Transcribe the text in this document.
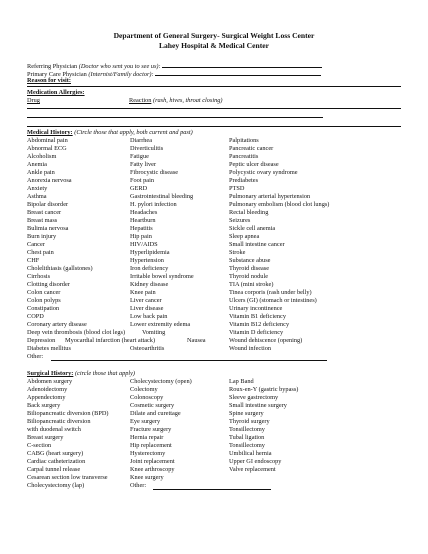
Department of General Surgery- Surgical Weight Loss Center
Lahey Hospital & Medical Center
Referring Physician (Doctor who sent you to see us):
Primary Care Physician (Internist/Family doctor):
Reason for visit:
Medication Allergies:
Drug	Reaction (rash, hives, throat closing)
Medical History: (Circle those that apply, both current and past)
Abdominal pain
Abnormal ECG
Alcoholism
Anemia
Ankle pain
Anorexia nervosa
Anxiety
Asthma
Bipolar disorder
Breast cancer
Breast mass
Bulimia nervosa
Burn injury
Cancer
Chest pain
CHF
Cholelithiasis (gallstones)
Cirrhosis
Clotting disorder
Colon cancer
Colon polyps
Constipation
COPD
Coronary artery disease
Deep vein thrombosis (blood clot legs)
Depression
Diabetes mellitus
Other:
Diarrhea
Diverticulitis
Fatigue
Fatty liver
Fibrocystic disease
Foot pain
GERD
Gastrointestinal bleeding
H. pylori infection
Headaches
Heartburn
Hepatitis
Hip pain
HIV/AIDS
Hyperlipidemia
Hypertension
Iron deficiency
Irritable bowel syndrome
Kidney disease
Knee pain
Liver cancer
Liver disease
Low back pain
Lower extremity edema
Vomiting
Myocardial infarction (heart attack)	Nausea
Osteoarthritis
Palpitations
Pancreatic cancer
Pancreatitis
Peptic ulcer disease
Polycystic ovary syndrome
Prediabetes
PTSD
Pulmonary arterial hypertension
Pulmonary embolism (blood clot lungs)
Rectal bleeding
Seizures
Sickle cell anemia
Sleep apnea
Small intestine cancer
Stroke
Substance abuse
Thyroid disease
Thyroid nodule
TIA (mini stroke)
Tinea corporis (rash under belly)
Ulcers (GI) (stomach or intestines)
Urinary incontinence
Vitamin B1 deficiency
Vitamin B12 deficiency
Vitamin D deficiency
Wound dehiscence (opening)
Wound infection
Surgical History: (circle those that apply)
Abdomen surgery
Adenoidectomy
Appendectomy
Back surgery
Biliopancreatic diversion (BPD)
Biliopancreatic diversion
with duodenal switch
Breast surgery
C-section
CABG (heart surgery)
Cardiac catheterization
Carpal tunnel release
Cesarean section low transverse
Cholecystectomy (lap)
Cholecystectomy (open)
Colectomy
Colonoscopy
Cosmetic surgery
Dilate and curettage
Eye surgery
Fracture surgery
Hernia repair
Hip replacement
Hysterectomy
Joint replacement
Knee arthroscopy
Knee surgery
Other:
Lap Band
Roux-en-Y (gastric bypass)
Sleeve gastrectomy
Small intestine surgery
Spine surgery
Thyroid surgery
Tonsillectomy
Tubal ligation
Tonsillectomy
Umbilical hernia
Upper GI endoscopy
Valve replacement
